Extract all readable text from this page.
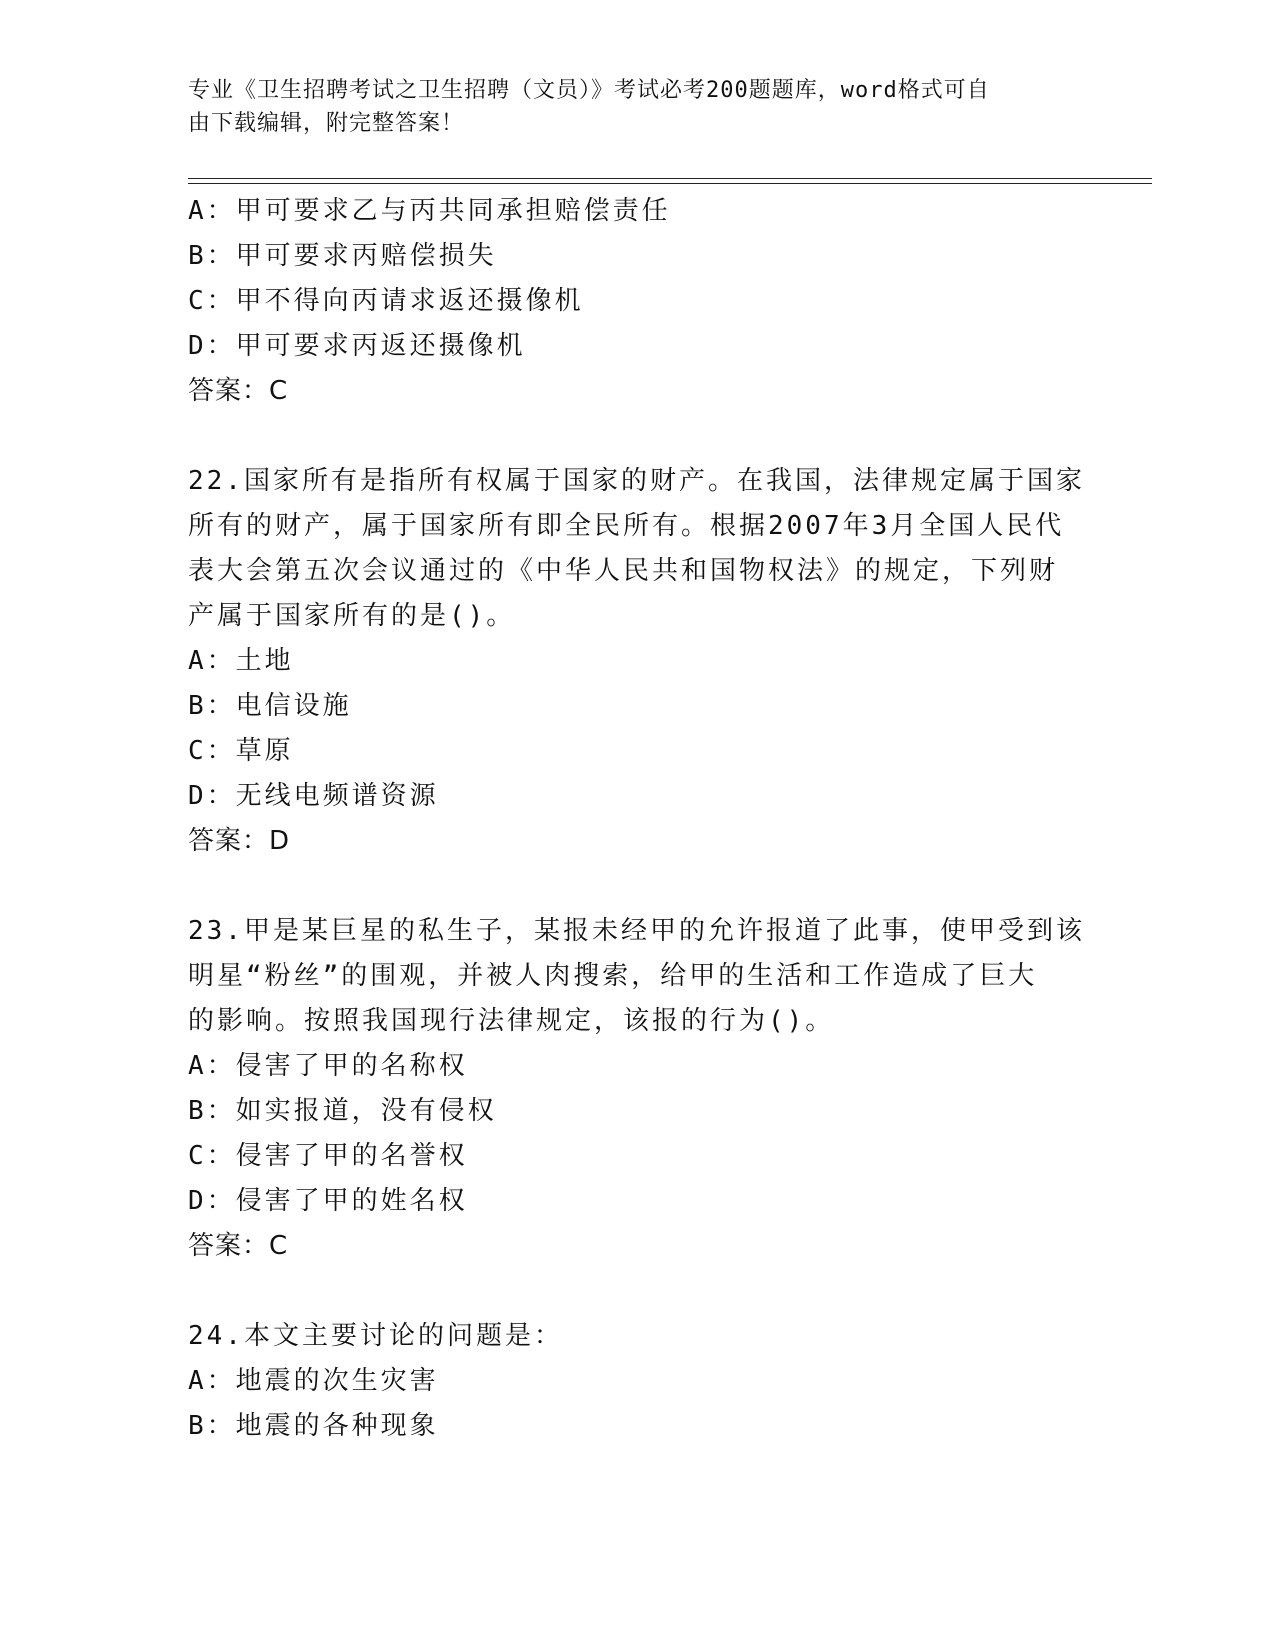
专业《卫生招聘考试之卫生招聘（文员）》考试必考200题题库，word格式可自
由下载编辑，附完整答案！
A：甲可要求乙与丙共同承担赔偿责任
B：甲可要求丙赔偿损失
C：甲不得向丙请求返还摄像机
D：甲可要求丙返还摄像机
答案：C
22.国家所有是指所有权属于国家的财产。在我国，法律规定属于国家
所有的财产，属于国家所有即全民所有。根据2007年3月全国人民代
表大会第五次会议通过的《中华人民共和国物权法》的规定，下列财
产属于国家所有的是()。
A：土地
B：电信设施
C：草原
D：无线电频谱资源
答案：D
23.甲是某巨星的私生子，某报未经甲的允许报道了此事，使甲受到该
明星“粉丝”的围观，并被人肉搜索，给甲的生活和工作造成了巨大
的影响。按照我国现行法律规定，该报的行为()。
A：侵害了甲的名称权
B：如实报道，没有侵权
C：侵害了甲的名誉权
D：侵害了甲的姓名权
答案：C
24.本文主要讨论的问题是：
A：地震的次生灾害
B：地震的各种现象
